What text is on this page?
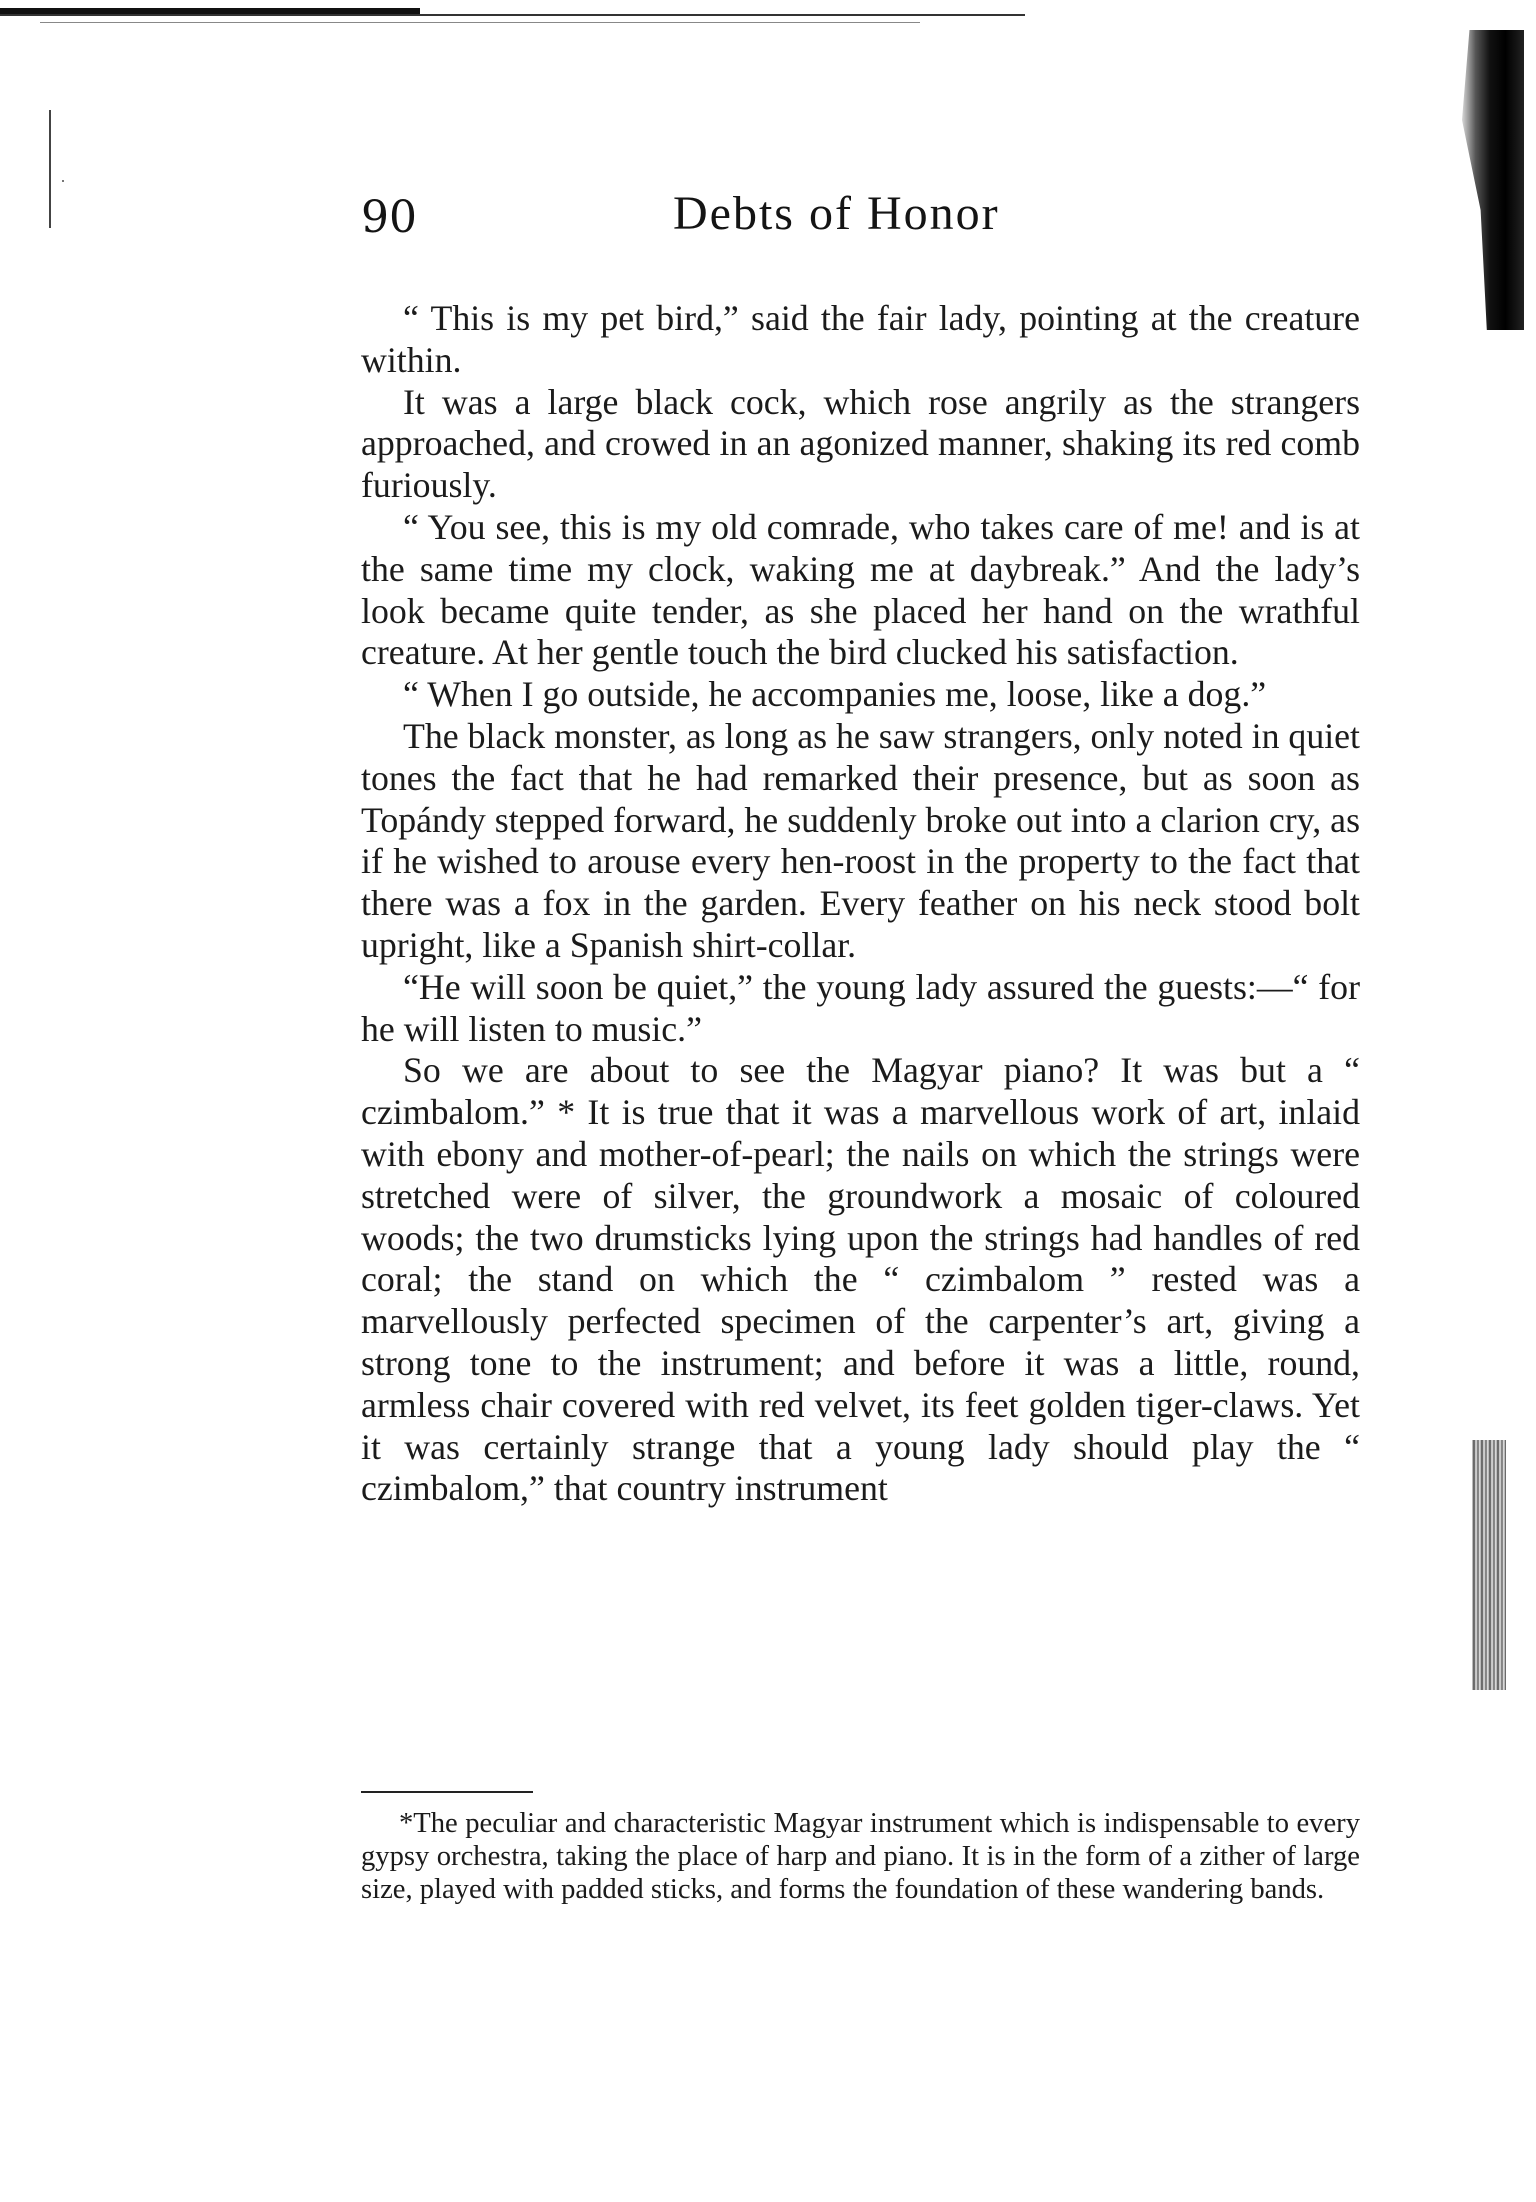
90	Debts of Honor

“ This is my pet bird,” said the fair lady, pointing at the creature within.

It was a large black cock, which rose angrily as the strangers approached, and crowed in an agonized manner, shaking its red comb furiously.

“ You see, this is my old comrade, who takes care of me! and is at the same time my clock, waking me at daybreak.” And the lady’s look became quite tender, as she placed her hand on the wrathful creature. At her gentle touch the bird clucked his satisfaction.

“ When I go outside, he accompanies me, loose, like a dog.”

The black monster, as long as he saw strangers, only noted in quiet tones the fact that he had remarked their presence, but as soon as Topándy stepped forward, he suddenly broke out into a clarion cry, as if he wished to arouse every hen-roost in the property to the fact that there was a fox in the garden. Every feather on his neck stood bolt upright, like a Spanish shirt-collar.

“He will soon be quiet,” the young lady assured the guests:—“ for he will listen to music.”

So we are about to see the Magyar piano? It was but a “ czimbalom.” * It is true that it was a marvellous work of art, inlaid with ebony and mother-of-pearl; the nails on which the strings were stretched were of silver, the groundwork a mosaic of coloured woods; the two drumsticks lying upon the strings had handles of red coral; the stand on which the “ czimbalom ” rested was a marvellously perfected specimen of the carpenter’s art, giving a strong tone to the instrument; and before it was a little, round, armless chair covered with red velvet, its feet golden tiger-claws. Yet it was certainly strange that a young lady should play the “ czimbalom,” that country instrument

*The peculiar and characteristic Magyar instrument which is indispensable to every gypsy orchestra, taking the place of harp and piano. It is in the form of a zither of large size, played with padded sticks, and forms the foundation of these wandering bands.
